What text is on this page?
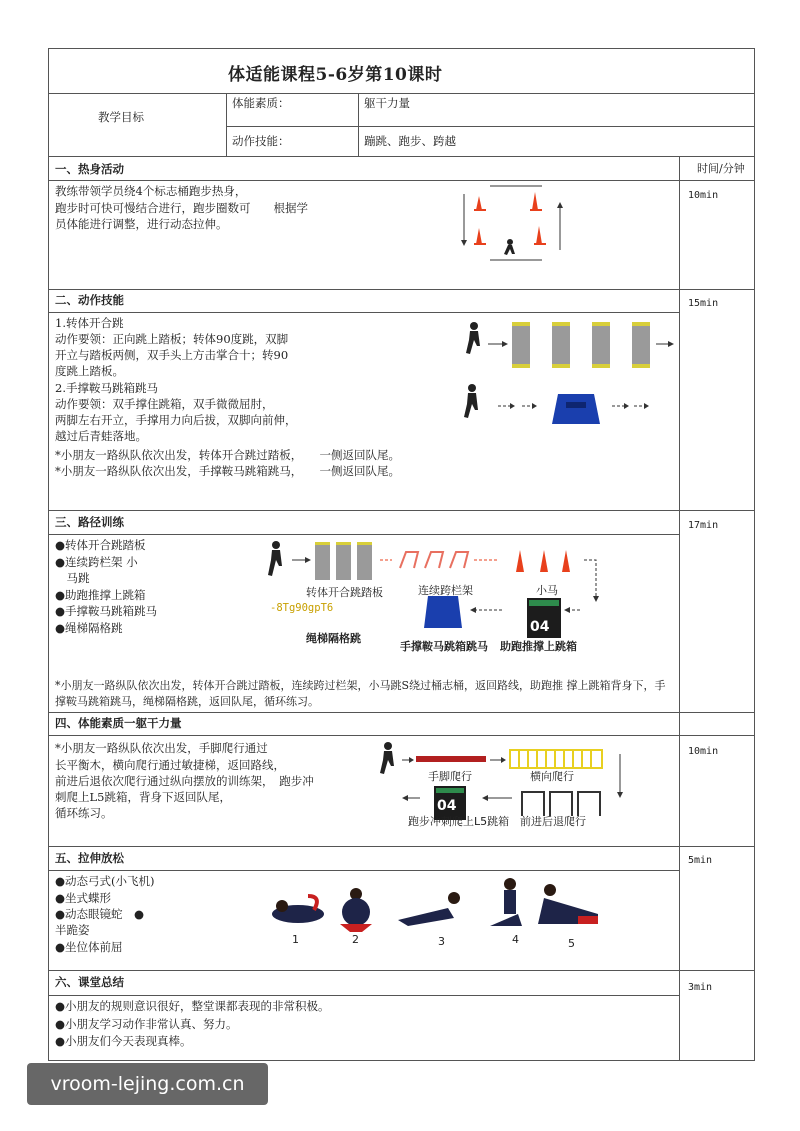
体适能课程5-6岁第10课时
教学目标
体能素质：	躯干力量
动作技能：	蹦跳、跑步、跨越
时间/分钟
一、热身活动
10min
教练带领学员绕4个标志桶跑步热身，
跑步时可快可慢结合进行，跑步圈数可　　根据学
员体能进行调整，进行动态拉伸。
二、动作技能	15min
1.转体开合跳
动作要领：正向跳上踏板；转体90度跳，双脚
开立与踏板两侧，双手头上方击掌合十；转90
度跳上踏板。
2.手撑鞍马跳箱跳马
动作要领：双手撑住跳箱，双手微微屈肘，
两脚左右开立，手撑用力向后拔，双脚向前伸，
越过后青蛙落地。
*小朋友一路纵队依次出发，转体开合跳过踏板，　　一侧返回队尾。
*小朋友一路纵队依次出发，手撑鞍马跳箱跳马，　　一侧返回队尾。
三、路径训练	17min
●转体开合跳踏板
●连续跨栏架 小
　马跳
●助跑推撑上跳箱
●手撑鞍马跳箱跳马
●绳梯隔格跳
转体开合跳踏板	连续跨栏架	小马
-8Tg90gpT6
绳梯隔格跳
手撑鞍马跳箱跳马 助跑推撑上跳箱
04
*小朋友一路纵队依次出发，转体开合跳过踏板，连续跨过栏架，小马跳S绕过桶志桶，返回路线，助跑推 撑上跳箱背身下，手
撑鞍马跳箱跳马，绳梯隔格跳，返回队尾，循环练习。
四、体能素质一躯干力量
10min
*小朋友一路纵队依次出发，手脚爬行通过
长平衡木，横向爬行通过敏捷梯，返回路线，
前进后退依次爬行通过纵向摆放的训练架，　跑步冲
刺爬上L5跳箱，背身下返回队尾，
循环练习。
手脚爬行	横向爬行
跑步冲刺爬上L5跳箱 前进后退爬行
04
五、拉伸放松	5min
●动态弓式(小飞机)
●坐式蝶形
●动态眼镜蛇　●
半跪姿
●坐位体前屈
1	2	3	4	5
六、课堂总结	3min
●小朋友的规则意识很好，整堂课都表现的非常积极。
●小朋友学习动作非常认真、努力。
●小朋友们今天表现真棒。
vroom-lejing.com.cn
